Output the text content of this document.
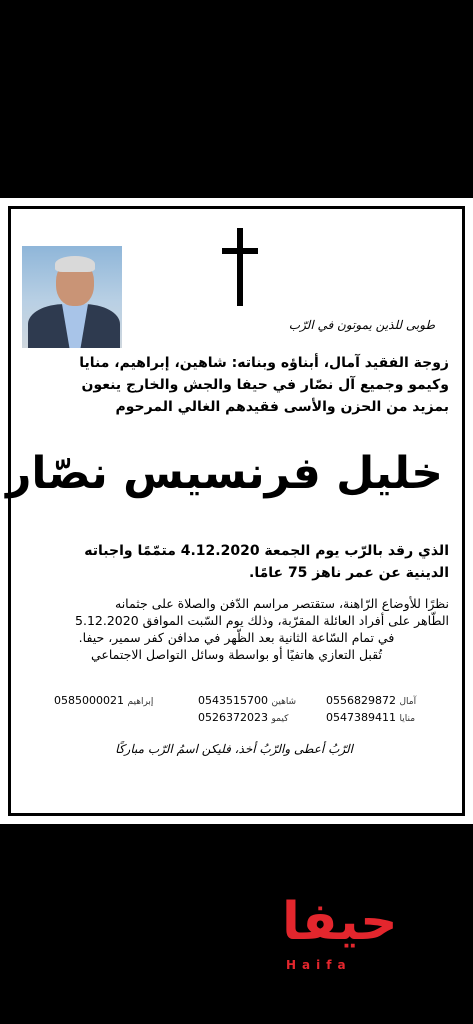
طوبى للذين يموتون في الرّب
زوجة الفقيد آمال، أبناؤه وبناته: شاهين، إبراهيم، منايا
وكيمو وجميع آل نصّار في حيفا والجش والخارج ينعون
بمزيد من الحزن والأسى فقيدهم الغالي المرحوم
خليل فرنسيس نصّار
الذي رقد بالرّب يوم الجمعة 4.12.2020 متمّمًا واجباته
الدينية عن عمر ناهز 75 عامًا.
نظرًا للأوضاع الرّاهنة، ستقتصر مراسم الدّفن والصلاة على جثمانه
الطّاهر على أفراد العائلة المقرّبة، وذلك يوم السّبت الموافق 5.12.2020
في تمام السّاعة الثانية بعد الظّهر في مدافن كفر سمير، حيفا.
تُقبل التعازي هاتفيًا أو بواسطة وسائل التواصل الاجتماعي
0556829872 آمال
0543515700 شاهين
0585000021 إبراهيم
0547389411 منايا
0526372023 كيمو
الرّبُ أعطى والرّبُ أخذ، فليكن اسمُ الرّب مباركًا
حيفا
Haifa
